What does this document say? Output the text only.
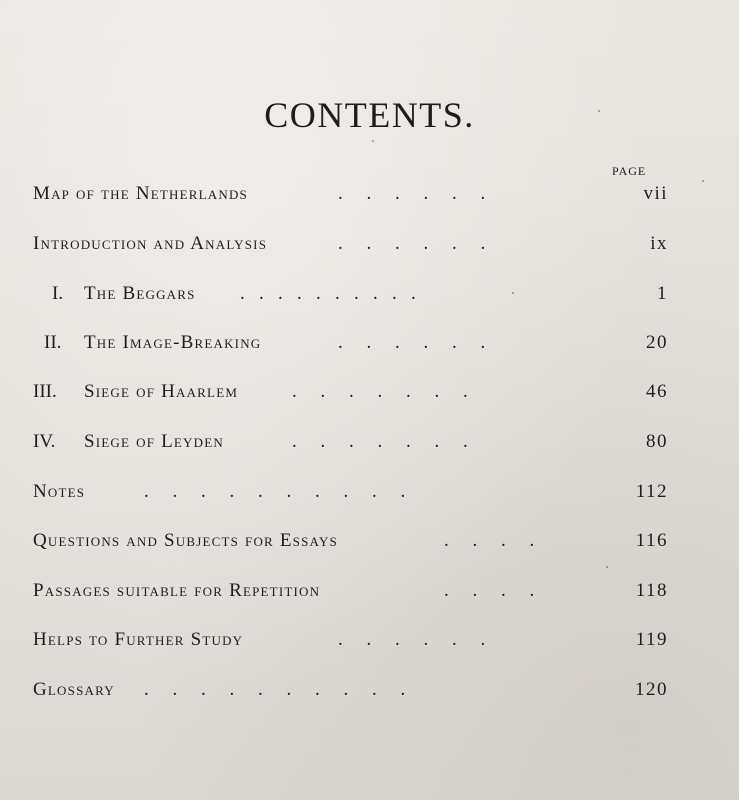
CONTENTS.
PAGE
Map of the Netherlands	.     .     .     .     .     .	vii
Introduction and Analysis	.     .     .     .     .     .	ix
I. The Beggars .   .   .   .   .   .   .   .   .   .	1
II. The Image-Breaking	.     .     .     .     .     .	20
III. Siege of Haarlem	.     .     .     .     .     .     .	46
IV. Siege of Leyden	.     .     .     .     .     .     .	80
Notes	.     .     .     .     .     .     .     .     .     .	112
Questions and Subjects for Essays	.     .     .     .	116
Passages suitable for Repetition	.     .     .     .	118
Helps to Further Study	.     .     .     .     .     .	119
Glossary .     .     .     .     .     .     .     .     .     .	120
